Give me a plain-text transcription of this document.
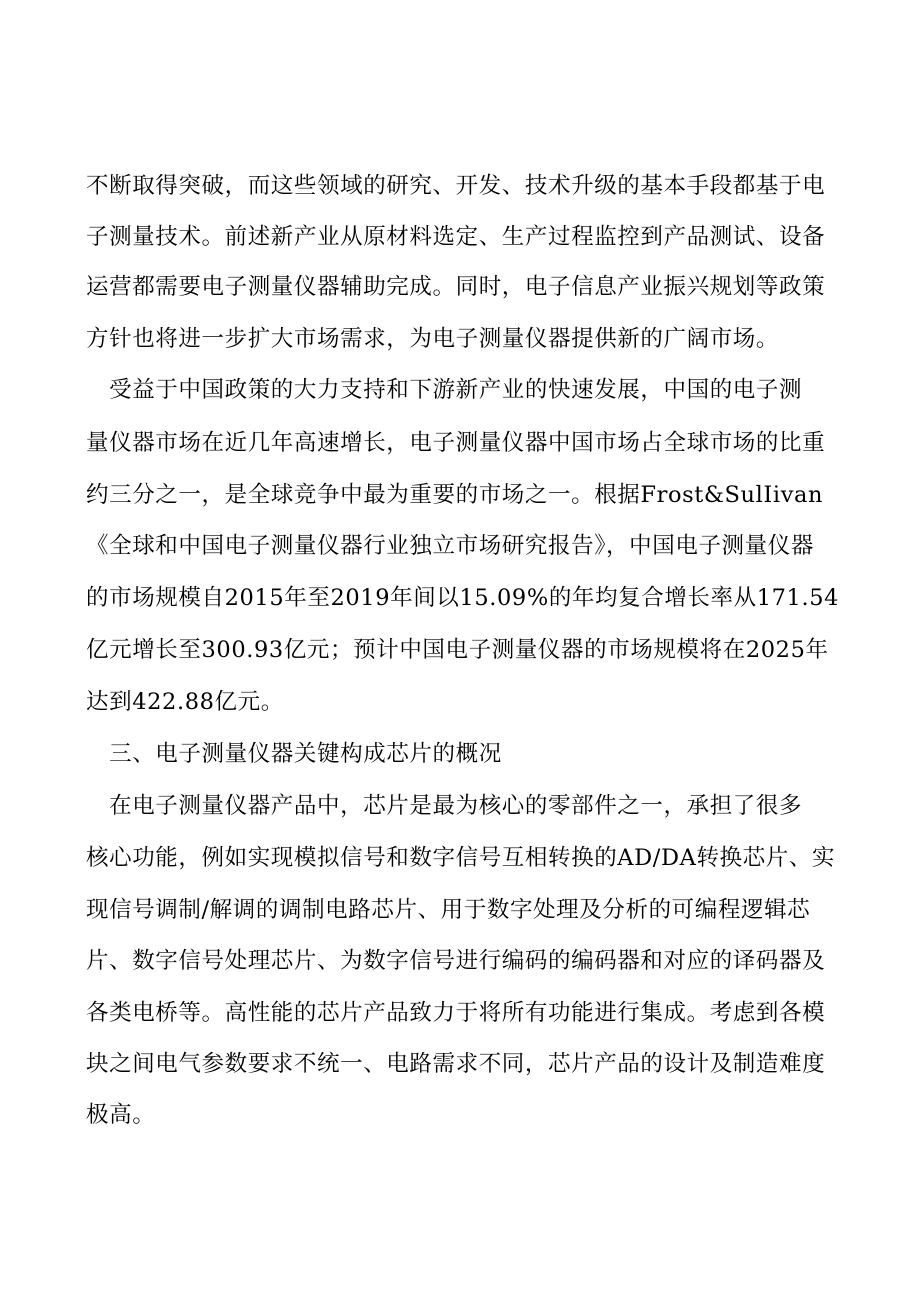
不断取得突破，而这些领域的研究、开发、技术升级的基本手段都基于电
子测量技术。前述新产业从原材料选定、生产过程监控到产品测试、设备
运营都需要电子测量仪器辅助完成。同时，电子信息产业振兴规划等政策
方针也将进一步扩大市场需求，为电子测量仪器提供新的广阔市场。
　受益于中国政策的大力支持和下游新产业的快速发展，中国的电子测
量仪器市场在近几年高速增长，电子测量仪器中国市场占全球市场的比重
约三分之一，是全球竞争中最为重要的市场之一。根据Frost&SulIivan
《全球和中国电子测量仪器行业独立市场研究报告》，中国电子测量仪器
的市场规模自2015年至2019年间以15.09%的年均复合增长率从171.54
亿元增长至300.93亿元；预计中国电子测量仪器的市场规模将在2025年
达到422.88亿元。
　三、电子测量仪器关键构成芯片的概况
　在电子测量仪器产品中，芯片是最为核心的零部件之一，承担了很多
核心功能，例如实现模拟信号和数字信号互相转换的AD/DA转换芯片、实
现信号调制/解调的调制电路芯片、用于数字处理及分析的可编程逻辑芯
片、数字信号处理芯片、为数字信号进行编码的编码器和对应的译码器及
各类电桥等。高性能的芯片产品致力于将所有功能进行集成。考虑到各模
块之间电气参数要求不统一、电路需求不同，芯片产品的设计及制造难度
极高。
